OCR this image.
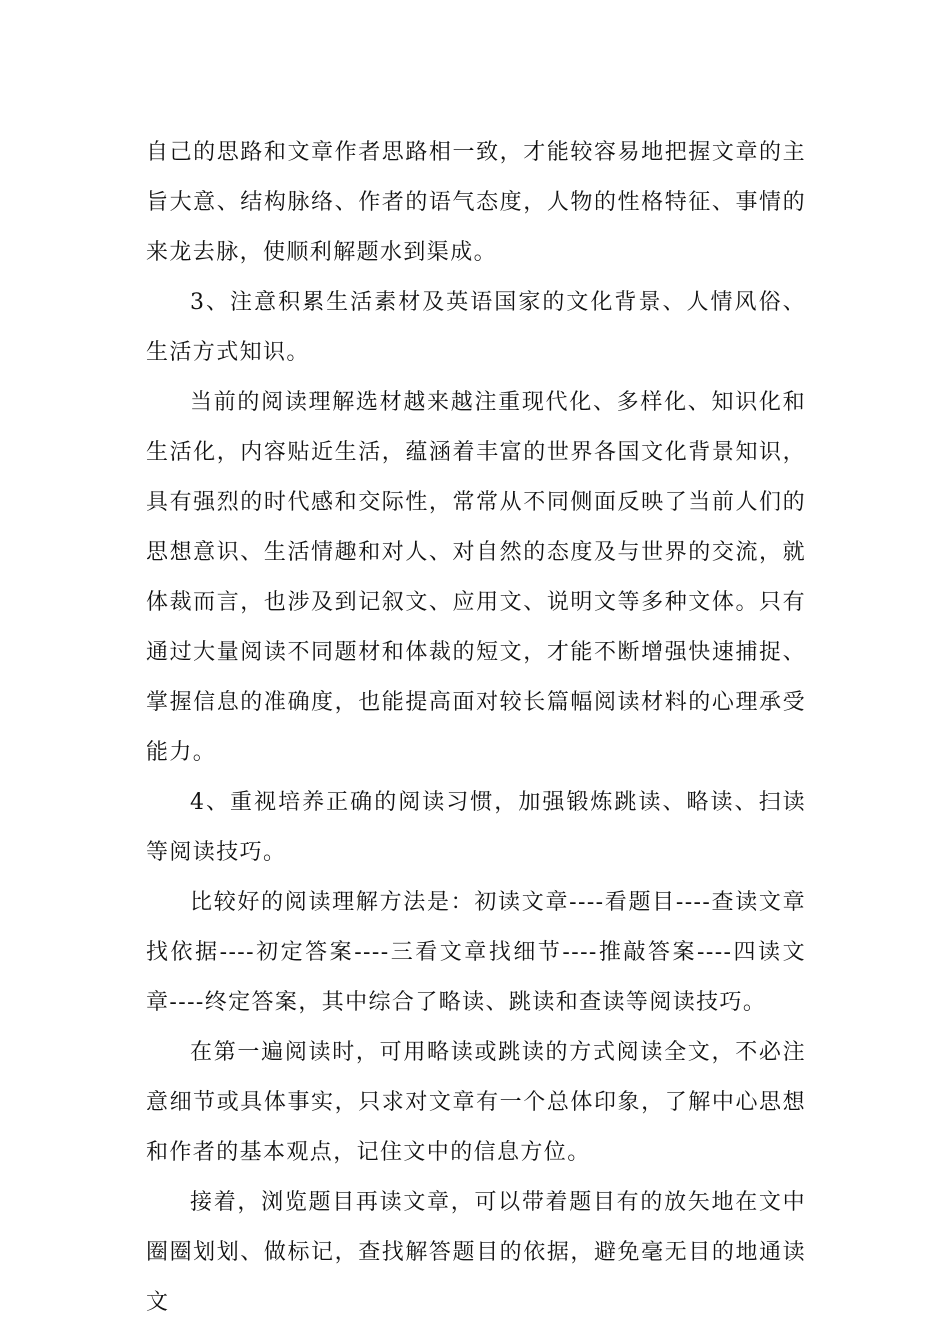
自己的思路和文章作者思路相一致，才能较容易地把握文章的主旨大意、结构脉络、作者的语气态度，人物的性格特征、事情的来龙去脉，使顺利解题水到渠成。

3、注意积累生活素材及英语国家的文化背景、人情风俗、生活方式知识。

当前的阅读理解选材越来越注重现代化、多样化、知识化和生活化，内容贴近生活，蕴涵着丰富的世界各国文化背景知识，具有强烈的时代感和交际性，常常从不同侧面反映了当前人们的思想意识、生活情趣和对人、对自然的态度及与世界的交流，就体裁而言，也涉及到记叙文、应用文、说明文等多种文体。只有通过大量阅读不同题材和体裁的短文，才能不断增强快速捕捉、掌握信息的准确度，也能提高面对较长篇幅阅读材料的心理承受能力。

4、重视培养正确的阅读习惯，加强锻炼跳读、略读、扫读等阅读技巧。

比较好的阅读理解方法是：初读文章----看题目----查读文章找依据----初定答案----三看文章找细节----推敲答案----四读文章----终定答案，其中综合了略读、跳读和查读等阅读技巧。

在第一遍阅读时，可用略读或跳读的方式阅读全文，不必注意细节或具体事实，只求对文章有一个总体印象，了解中心思想和作者的基本观点，记住文中的信息方位。

接着，浏览题目再读文章，可以带着题目有的放矢地在文中圈圈划划、做标记，查找解答题目的依据，避免毫无目的地通读文
